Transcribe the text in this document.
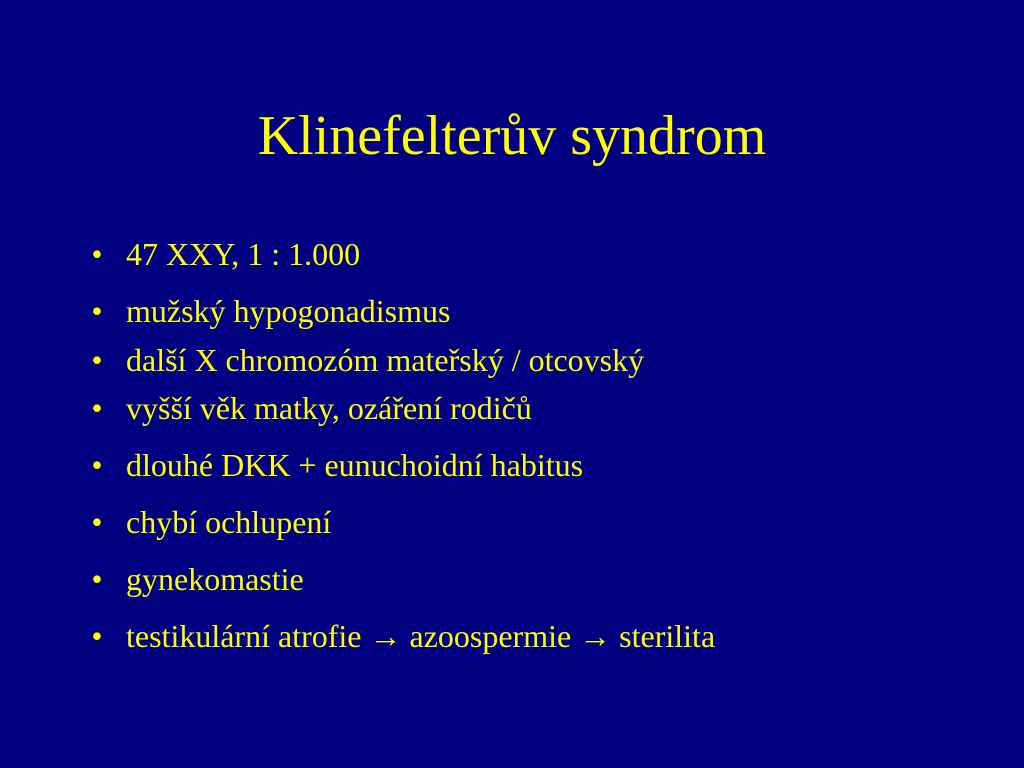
Klinefelterův syndrom
• 47 XXY, 1 : 1.000
• mužský hypogonadismus
• další X chromozóm mateřský / otcovský
• vyšší věk matky, ozáření rodičů
• dlouhé DKK + eunuchoidní habitus
• chybí ochlupení
• gynekomastie
• testikulární atrofie → azoospermie → sterilita
